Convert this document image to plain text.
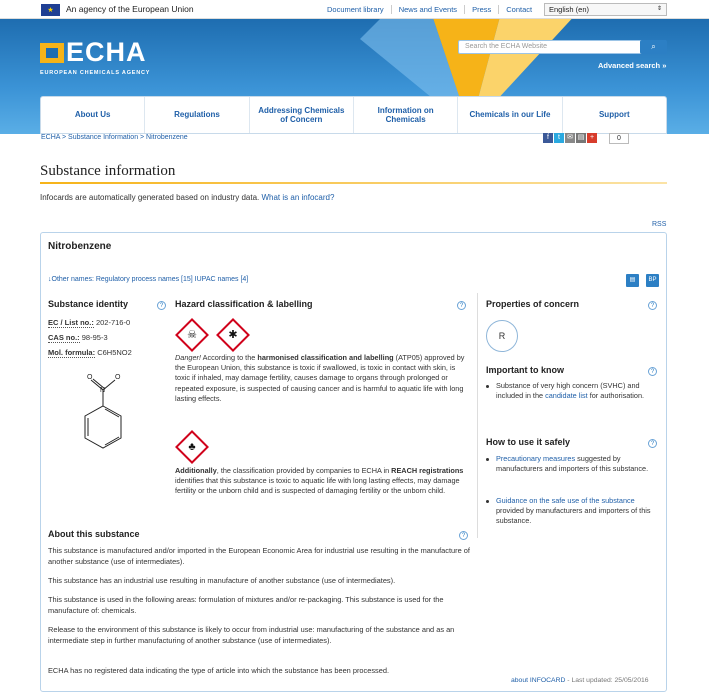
★	An agency of the European Union	Document library	News and Events	Press	Contact	English (en)	⇕
ECHA
EUROPEAN CHEMICALS AGENCY
Search the ECHA Website	⌕
Advanced search »
About Us	Regulations
Addressing Chemicals of Concern
Information on Chemicals
Chemicals in our Life	Support
ECHA > Substance Information > Nitrobenzene	f	t	✉ ▤ +	0
Substance information
Infocards are automatically generated based on industry data. What is an infocard?
RSS
Nitrobenzene
↓Other names: Regulatory process names [15] IUPAC names [4]	▤	BP
Substance identity	?
EC / List no.: 202-716-0
CAS no.: 98-95-3
Mol. formula: C6H5NO2
O	O
N
Hazard classification & labelling	?
☠	✱
Danger! According to the harmonised classification and labelling (ATP05) approved by the European Union, this substance is toxic if swallowed, is toxic in contact with skin, is toxic if inhaled, may damage fertility, causes damage to organs through prolonged or repeated exposure, is suspected of causing cancer and is harmful to aquatic life with long lasting effects.
♣
Additionally, the classification provided by companies to ECHA in REACH registrations identifies that this substance is toxic to aquatic life with long lasting effects, may damage fertility or the unborn child and is suspected of damaging fertility or the unborn child.
Properties of concern	?
R
Important to know	?
Substance of very high concern (SVHC) and included in the candidate list for authorisation.
How to use it safely	?
Precautionary measures suggested by manufacturers and importers of this substance.
Guidance on the safe use of the substance provided by manufacturers and importers of this substance.
About this substance	?
This substance is manufactured and/or imported in the European Economic Area for industrial use resulting in the manufacture of another substance (use of intermediates).
This substance has an industrial use resulting in manufacture of another substance (use of intermediates).
This substance is used in the following areas: formulation of mixtures and/or re-packaging. This substance is used for the manufacture of: chemicals.
Release to the environment of this substance is likely to occur from industrial use: manufacturing of the substance and as an intermediate step in further manufacturing of another substance (use of intermediates).
ECHA has no registered data indicating the type of article into which the substance has been processed.
about INFOCARD - Last updated: 25/05/2016
